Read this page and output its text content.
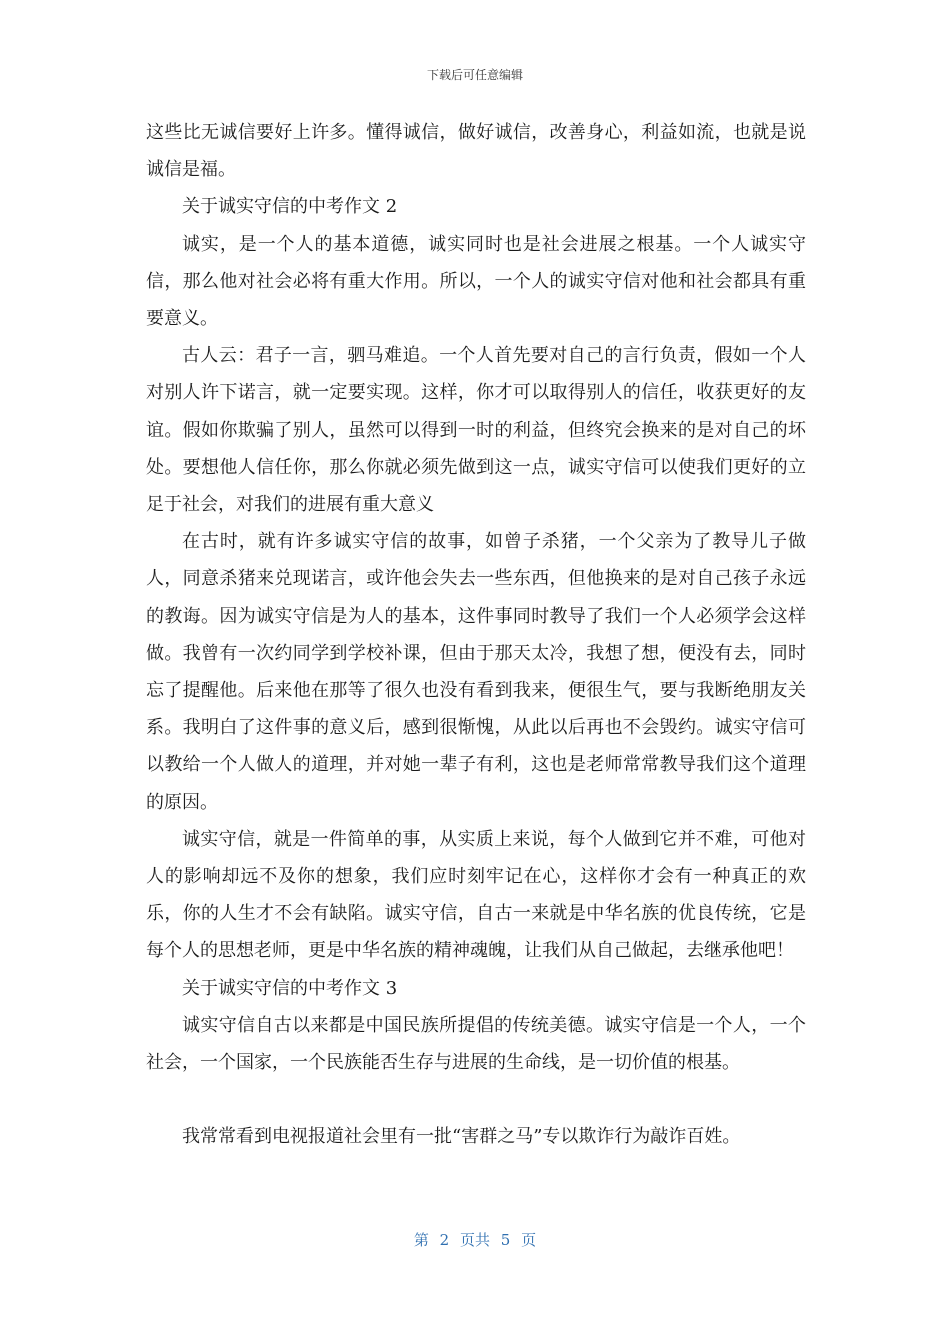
下载后可任意编辑

这些比无诚信要好上许多。懂得诚信，做好诚信，改善身心，利益如流，也就是说诚信是福。

关于诚实守信的中考作文 2

诚实，是一个人的基本道德，诚实同时也是社会进展之根基。一个人诚实守信，那么他对社会必将有重大作用。所以，一个人的诚实守信对他和社会都具有重要意义。

古人云：君子一言，驷马难追。一个人首先要对自己的言行负责，假如一个人对别人许下诺言，就一定要实现。这样，你才可以取得别人的信任，收获更好的友谊。假如你欺骗了别人，虽然可以得到一时的利益，但终究会换来的是对自己的坏处。要想他人信任你，那么你就必须先做到这一点，诚实守信可以使我们更好的立足于社会，对我们的进展有重大意义

在古时，就有许多诚实守信的故事，如曾子杀猪，一个父亲为了教导儿子做人，同意杀猪来兑现诺言，或许他会失去一些东西，但他换来的是对自己孩子永远的教诲。因为诚实守信是为人的基本，这件事同时教导了我们一个人必须学会这样做。我曾有一次约同学到学校补课，但由于那天太冷，我想了想，便没有去，同时忘了提醒他。后来他在那等了很久也没有看到我来，便很生气，要与我断绝朋友关系。我明白了这件事的意义后，感到很惭愧，从此以后再也不会毁约。诚实守信可以教给一个人做人的道理，并对她一辈子有利，这也是老师常常教导我们这个道理的原因。

诚实守信，就是一件简单的事，从实质上来说，每个人做到它并不难，可他对人的影响却远不及你的想象，我们应时刻牢记在心，这样你才会有一种真正的欢乐，你的人生才不会有缺陷。诚实守信，自古一来就是中华名族的优良传统，它是每个人的思想老师，更是中华名族的精神魂魄，让我们从自己做起，去继承他吧！

关于诚实守信的中考作文 3

诚实守信自古以来都是中国民族所提倡的传统美德。诚实守信是一个人，一个社会，一个国家，一个民族能否生存与进展的生命线，是一切价值的根基。

我常常看到电视报道社会里有一批“害群之马”专以欺诈行为敲诈百姓。

第 2 页共 5 页
